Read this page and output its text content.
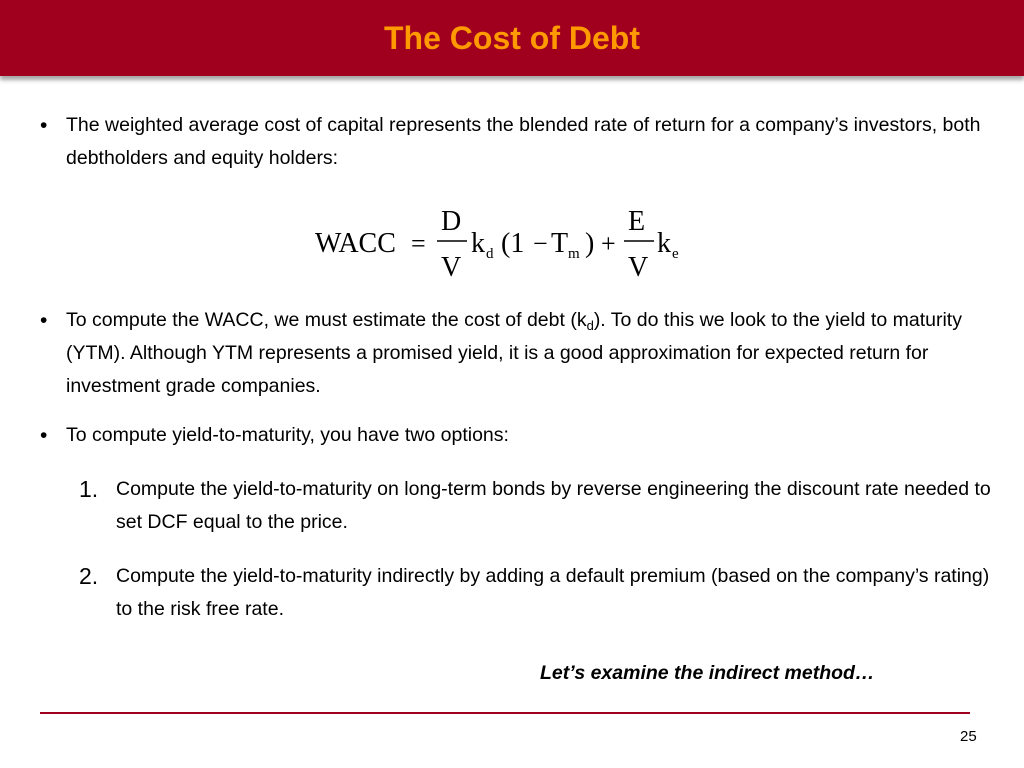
The Cost of Debt
• The weighted average cost of capital represents the blended rate of return for a company’s investors, both debtholders and equity holders:

WACC =
D
V
k d (1 − T m ) +
E
V
k e
• To compute the WACC, we must estimate the cost of debt $(k_d)$. To do this we look to the yield to maturity (YTM). Although YTM represents a promised yield, it is a good approximation for expected return for investment grade companies.

• To compute yield-to-maturity, you have two options:

1. Compute the yield-to-maturity on long-term bonds by reverse engineering the discount rate needed to set DCF equal to the price.

2. Compute the yield-to-maturity indirectly by adding a default premium (based on the company’s rating) to the risk free rate.

Let’s examine the indirect method…
25
